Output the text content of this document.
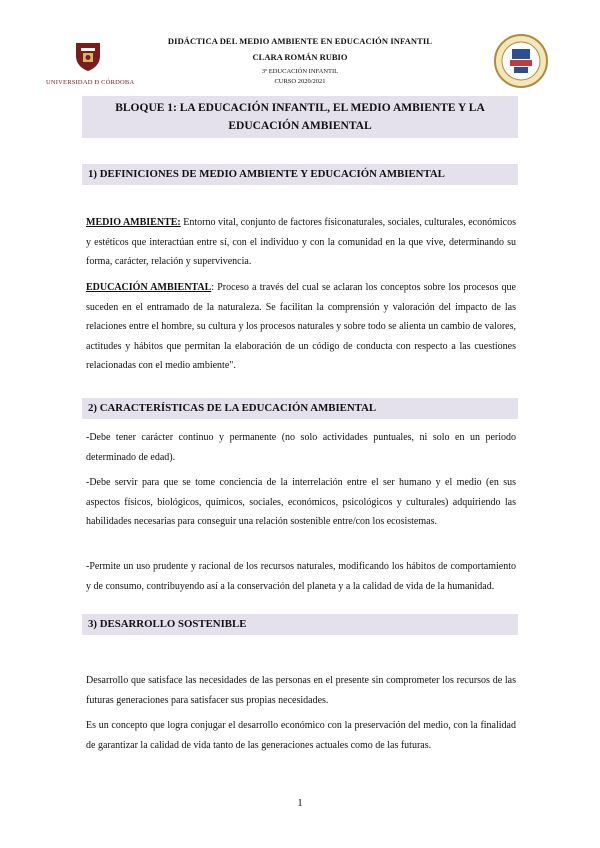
UNIVERSIDAD Ð CÓRDOBA
DIDÁCTICA DEL MEDIO AMBIENTE EN EDUCACIÓN INFANTIL
CLARA ROMÁN RUBIO
3º EDUCACIÓN INFANTIL
CURSO 2020/2021
BLOQUE 1: LA EDUCACIÓN INFANTIL, EL MEDIO AMBIENTE Y LA EDUCACIÓN AMBIENTAL
1) DEFINICIONES DE MEDIO AMBIENTE Y EDUCACIÓN AMBIENTAL
MEDIO AMBIENTE: Entorno vital, conjunto de factores físiconaturales, sociales, culturales, económicos y estéticos que interactúan entre sí, con el individuo y con la comunidad en la que vive, determinando su forma, carácter, relación y supervivencia.
EDUCACIÓN AMBIENTAL: Proceso a través del cual se aclaran los conceptos sobre los procesos que suceden en el entramado de la naturaleza. Se facilitan la comprensión y valoración del impacto de las relaciones entre el hombre, su cultura y los procesos naturales y sobre todo se alienta un cambio de valores, actitudes y hábitos que permitan la elaboración de un código de conducta con respecto a las cuestiones relacionadas con el medio ambiente".
2) CARACTERÍSTICAS DE LA EDUCACIÓN AMBIENTAL
-Debe tener carácter continuo y permanente (no solo actividades puntuales, ni solo en un periodo determinado de edad).
-Debe servir para que se tome conciencia de la interrelación entre el ser humano y el medio (en sus aspectos físicos, biológicos, químicos, sociales, económicos, psicológicos y culturales) adquiriendo las habilidades necesarias para conseguir una relación sostenible entre/con los ecosistemas.
-Permite un uso prudente y racional de los recursos naturales, modificando los hábitos de comportamiento y de consumo, contribuyendo así a la conservación del planeta y a la calidad de vida de la humanidad.
3) DESARROLLO SOSTENIBLE
Desarrollo que satisface las necesidades de las personas en el presente sin comprometer los recursos de las futuras generaciones para satisfacer sus propias necesidades.
Es un concepto que logra conjugar el desarrollo económico con la preservación del medio, con la finalidad de garantizar la calidad de vida tanto de las generaciones actuales como de las futuras.
1
